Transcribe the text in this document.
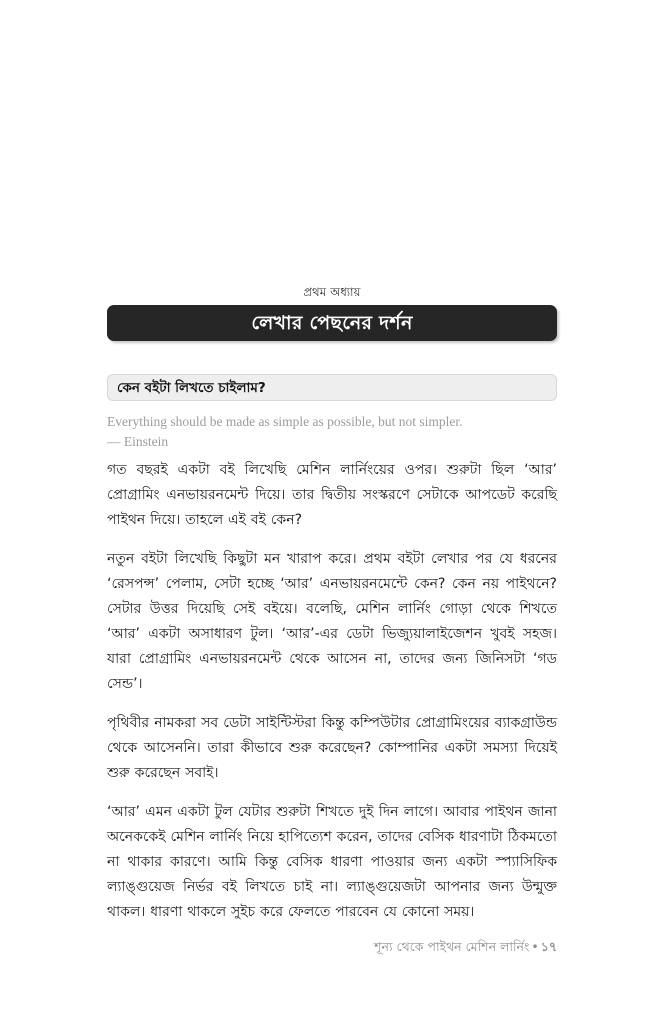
প্রথম অধ্যায়
লেখার পেছনের দর্শন
কেন বইটা লিখতে চাইলাম?
Everything should be made as simple as possible, but not simpler.
— Einstein

গত বছরই একটা বই লিখেছি মেশিন লার্নিংয়ের ওপর। শুরুটা ছিল ‘আর’ প্রোগ্রামিং এনভায়রনমেন্ট দিয়ে। তার দ্বিতীয় সংস্করণে সেটাকে আপডেট করেছি পাইথন দিয়ে। তাহলে এই বই কেন?

নতুন বইটা লিখেছি কিছুটা মন খারাপ করে। প্রথম বইটা লেখার পর যে ধরনের ‘রেসপন্স’ পেলাম, সেটা হচ্ছে ‘আর’ এনভায়রনমেন্টে কেন? কেন নয় পাইথনে? সেটার উত্তর দিয়েছি সেই বইয়ে। বলেছি, মেশিন লার্নিং গোড়া থেকে শিখতে ‘আর’ একটা অসাধারণ টুল। ‘আর’-এর ডেটা ভিজ্যুয়ালাইজেশন খুবই সহজ। যারা প্রোগ্রামিং এনভায়রনমেন্ট থেকে আসেন না, তাদের জন্য জিনিসটা ‘গড সেন্ড’।

পৃথিবীর নামকরা সব ডেটা সাইন্টিস্টরা কিন্তু কম্পিউটার প্রোগ্রামিংয়ের ব্যাকগ্রাউন্ড থেকে আসেননি। তারা কীভাবে শুরু করেছেন? কোম্পানির একটা সমস্যা দিয়েই শুরু করেছেন সবাই।

‘আর’ এমন একটা টুল যেটার শুরুটা শিখতে দুই দিন লাগে। আবার পাইথন জানা অনেককেই মেশিন লার্নিং নিয়ে হাপিত্যেশ করেন, তাদের বেসিক ধারণাটা ঠিকমতো না থাকার কারণে। আমি কিন্তু বেসিক ধারণা পাওয়ার জন্য একটা স্প্যাসিফিক ল্যাঙ্গুয়েজ নির্ভর বই লিখতে চাই না। ল্যাঙ্গুয়েজটা আপনার জন্য উন্মুক্ত থাকল। ধারণা থাকলে সুইচ করে ফেলতে পারবেন যে কোনো সময়।

শূন্য থেকে পাইথন মেশিন লার্নিং • ১৭
